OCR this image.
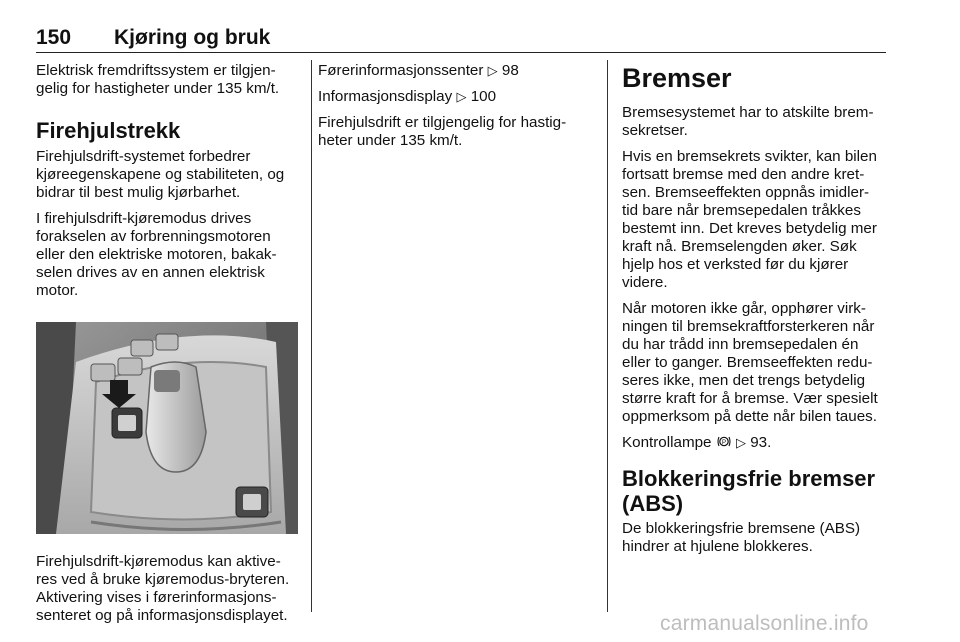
150 Kjøring og bruk

Elektrisk fremdriftssystem er tilgjen-
gelig for hastigheter under 135 km/t.

Firehjulstrekk

Firehjulsdrift-systemet forbedrer
kjøreegenskapene og stabiliteten, og
bidrar til best mulig kjørbarhet.

I firehjulsdrift-kjøremodus drives
forakselen av forbrenningsmotoren
eller den elektriske motoren, bakak-
selen drives av en annen elektrisk
motor.

Firehjulsdrift-kjøremodus kan aktive-
res ved å bruke kjøremodus-bryteren.
Aktivering vises i førerinformasjons-
senteret og på informasjonsdisplayet.

Førerinformasjonssenter ▷ 98

Informasjonsdisplay ▷ 100

Firehjulsdrift er tilgjengelig for hastig-
heter under 135 km/t.

Bremser

Bremsesystemet har to atskilte brem-
sekretser.

Hvis en bremsekrets svikter, kan bilen
fortsatt bremse med den andre kret-
sen. Bremseeffekten oppnås imidler-
tid bare når bremsepedalen tråkkes
bestemt inn. Det kreves betydelig mer
kraft nå. Bremselengden øker. Søk
hjelp hos et verksted før du kjører
videre.

Når motoren ikke går, opphører virk-
ningen til bremsekraftforsterkeren når
du har trådd inn bremsepedalen én
eller to ganger. Bremseeffekten redu-
seres ikke, men det trengs betydelig
større kraft for å bremse. Vær spesielt
oppmerksom på dette når bilen taues.

Kontrollampe P ▷ 93.

Blokkeringsfrie bremser
(ABS)

De blokkeringsfrie bremsene (ABS)
hindrer at hjulene blokkeres.

carmanualsonline.info
